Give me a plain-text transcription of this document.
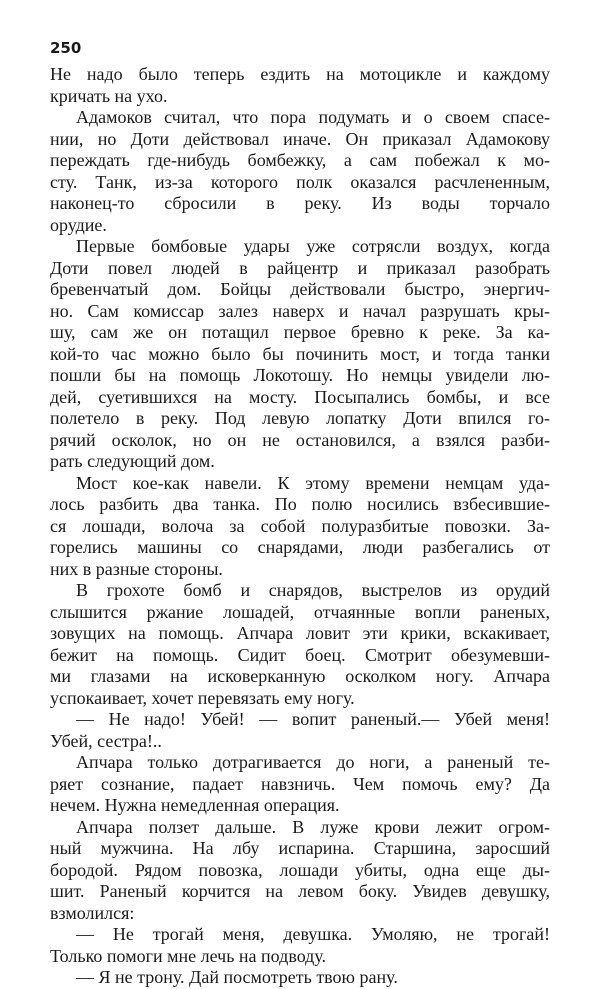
250
Не надо было теперь ездить на мотоцикле и каждому
кричать на ухо.
Адамоков считал, что пора подумать и о своем спасе-
нии, но Доти действовал иначе. Он приказал Адамокову
переждать где-нибудь бомбежку, а сам побежал к мо-
сту. Танк, из-за которого полк оказался расчлененным,
наконец-то сбросили в реку. Из воды торчало
орудие.
Первые бомбовые удары уже сотрясли воздух, когда
Доти повел людей в райцентр и приказал разобрать
бревенчатый дом. Бойцы действовали быстро, энергич-
но. Сам комиссар залез наверх и начал разрушать кры-
шу, сам же он потащил первое бревно к реке. За ка-
кой-то час можно было бы починить мост, и тогда танки
пошли бы на помощь Локотошу. Но немцы увидели лю-
дей, суетившихся на мосту. Посыпались бомбы, и все
полетело в реку. Под левую лопатку Доти впился го-
рячий осколок, но он не остановился, а взялся разби-
рать следующий дом.
Мост кое-как навели. К этому времени немцам уда-
лось разбить два танка. По полю носились взбесившие-
ся лошади, волоча за собой полуразбитые повозки. За-
горелись машины со снарядами, люди разбегались от
них в разные стороны.
В грохоте бомб и снарядов, выстрелов из орудий
слышится ржание лошадей, отчаянные вопли раненых,
зовущих на помощь. Апчара ловит эти крики, вскакивает,
бежит на помощь. Сидит боец. Смотрит обезумевши-
ми глазами на исковерканную осколком ногу. Апчара
успокаивает, хочет перевязать ему ногу.
— Не надо! Убей! — вопит раненый.— Убей меня!
Убей, сестра!..
Апчара только дотрагивается до ноги, а раненый те-
ряет сознание, падает навзничь. Чем помочь ему? Да
нечем. Нужна немедленная операция.
Апчара ползет дальше. В луже крови лежит огром-
ный мужчина. На лбу испарина. Старшина, заросший
бородой. Рядом повозка, лошади убиты, одна еще ды-
шит. Раненый корчится на левом боку. Увидев девушку,
взмолился:
— Не трогай меня, девушка. Умоляю, не трогай!
Только помоги мне лечь на подводу.
— Я не трону. Дай посмотреть твою рану.
